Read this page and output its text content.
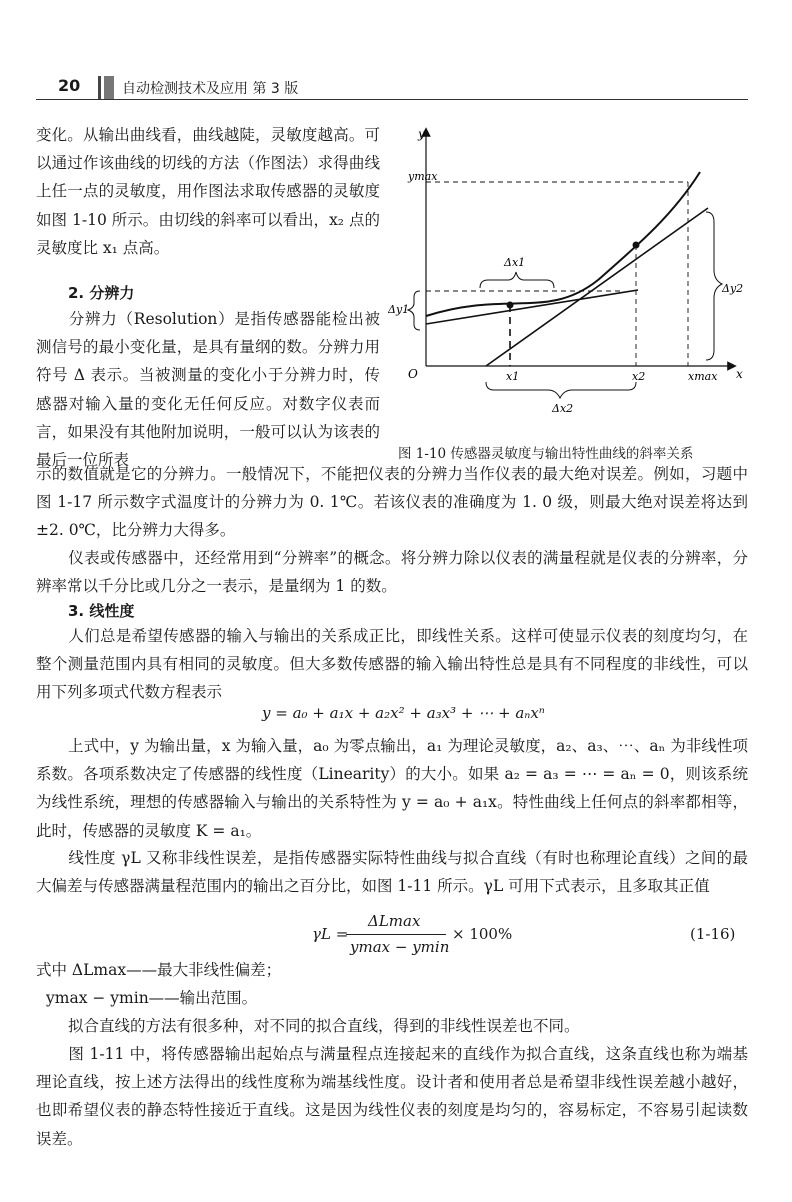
20	自动检测技术及应用 第 3 版

变化。从输出曲线看，曲线越陡，灵敏度越高。可以通过作该曲线的切线的方法（作图法）求得曲线上任一点的灵敏度，用作图法求取传感器的灵敏度如图 1-10 所示。由切线的斜率可以看出，x₂ 点的灵敏度比 x₁ 点高。

2. 分辨力

分辨力（Resolution）是指传感器能检出被测信号的最小变化量，是具有量纲的数。分辨力用符号 Δ 表示。当被测量的变化小于分辨力时，传感器对输入量的变化无任何反应。对数字仪表而言，如果没有其他附加说明，一般可以认为该表的最后一位所表

示的数值就是它的分辨力。一般情况下，不能把仪表的分辨力当作仪表的最大绝对误差。例如，习题中图 1-17 所示数字式温度计的分辨力为 0. 1℃。若该仪表的准确度为 1. 0 级，则最大绝对误差将达到 ±2. 0℃，比分辨力大得多。

仪表或传感器中，还经常用到“分辨率”的概念。将分辨力除以仪表的满量程就是仪表的分辨率，分辨率常以千分比或几分之一表示，是量纲为 1 的数。

3. 线性度

人们总是希望传感器的输入与输出的关系成正比，即线性关系。这样可使显示仪表的刻度均匀，在整个测量范围内具有相同的灵敏度。但大多数传感器的输入输出特性总是具有不同程度的非线性，可以用下列多项式代数方程表示

y = a₀ + a₁x + a₂x² + a₃x³ + ⋯ + aₙxⁿ

上式中，y 为输出量，x 为输入量，a₀ 为零点输出，a₁ 为理论灵敏度，a₂、a₃、⋯、aₙ 为非线性项系数。各项系数决定了传感器的线性度（Linearity）的大小。如果 a₂ = a₃ = ⋯ = aₙ = 0，则该系统为线性系统，理想的传感器输入与输出的关系特性为 y = a₀ + a₁x。特性曲线上任何点的斜率都相等，此时，传感器的灵敏度 K = a₁。

线性度 γL 又称非线性误差，是指传感器实际特性曲线与拟合直线（有时也称理论直线）之间的最大偏差与传感器满量程范围内的输出之百分比，如图 1-11 所示。γL 可用下式表示，且多取其正值

γL =
ΔLmax
ymax − ymin
× 100%	(1-16)

式中 ΔLmax——最大非线性偏差；

ymax − ymin——输出范围。

拟合直线的方法有很多种，对不同的拟合直线，得到的非线性误差也不同。

图 1-11 中，将传感器输出起始点与满量程点连接起来的直线作为拟合直线，这条直线也称为端基理论直线，按上述方法得出的线性度称为端基线性度。设计者和使用者总是希望非线性误差越小越好，也即希望仪表的静态特性接近于直线。这是因为线性仪表的刻度是均匀的，容易标定，不容易引起读数误差。

y
O	x
ymax
Δx1
Δy1
Δy2
x1	x2	xmax
Δx2
图 1-10 传感器灵敏度与输出特性曲线的斜率关系
